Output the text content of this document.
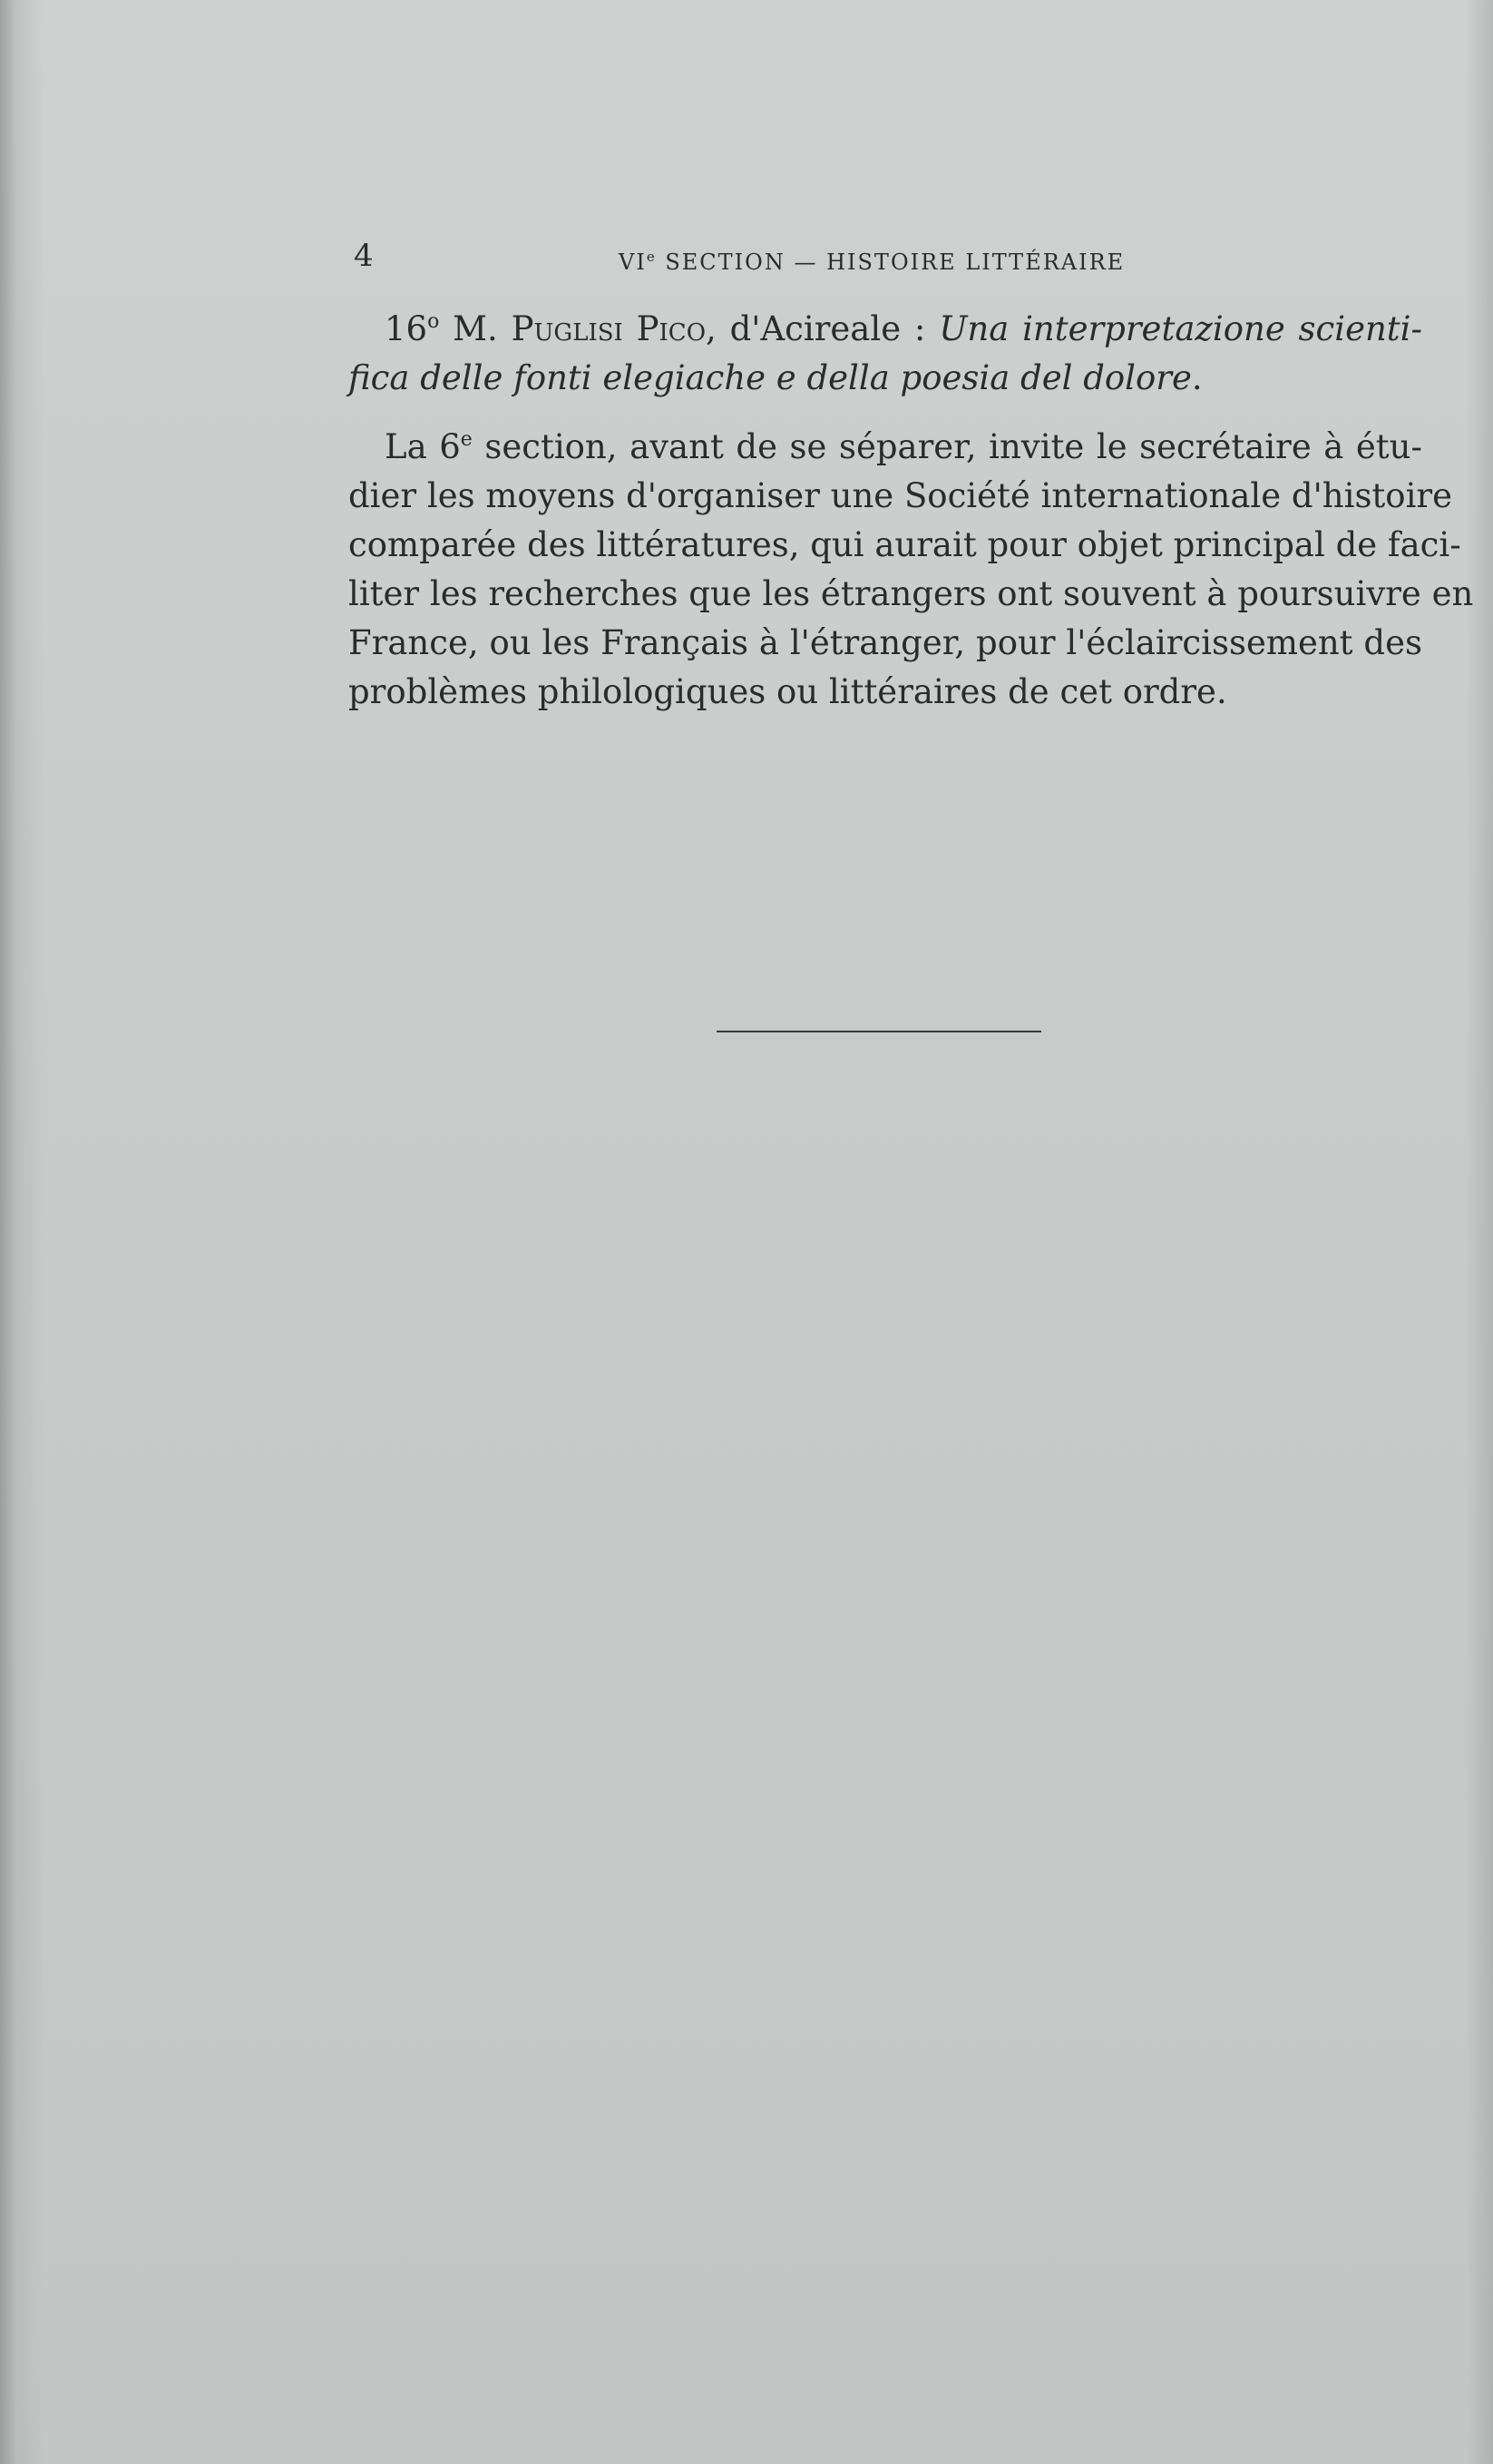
4	VIe SECTION — HISTOIRE LITTÉRAIRE
16$^o$ M. Puglisi Pico, d'Acireale : Una interpretazione scienti-
fica delle fonti elegiache e della poesia del dolore.
La 6e section, avant de se séparer, invite le secrétaire à étu-
dier les moyens d'organiser une Société internationale d'histoire
comparée des littératures, qui aurait pour objet principal de faci-
liter les recherches que les étrangers ont souvent à poursuivre en
France, ou les Français à l'étranger, pour l'éclaircissement des
problèmes philologiques ou littéraires de cet ordre.
